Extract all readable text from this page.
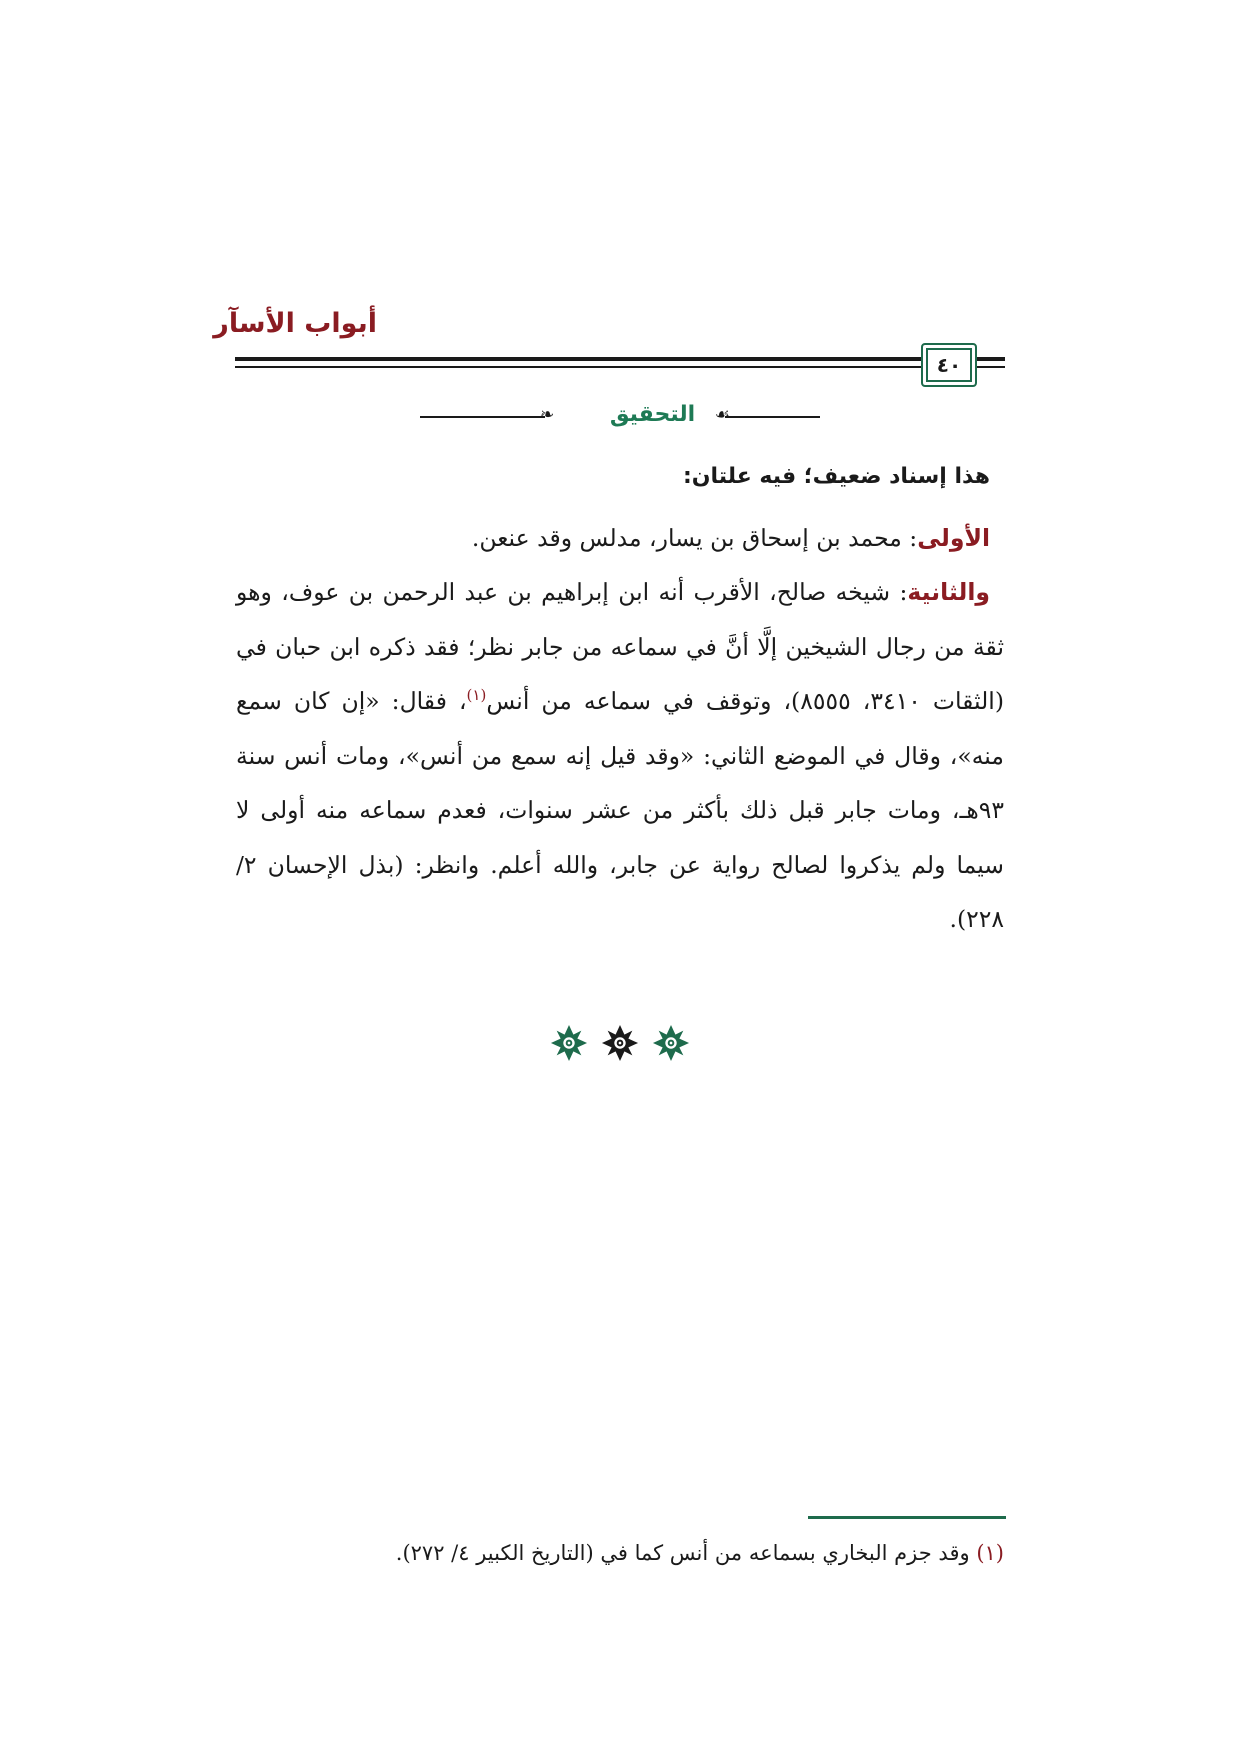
أبواب الأسآر
٤٠
❧	التحقيق	☙

هذا إسناد ضعيف؛ فيه علتان:

الأولى: محمد بن إسحاق بن يسار، مدلس وقد عنعن.

والثانية: شيخه صالح، الأقرب أنه ابن إبراهيم بن عبد الرحمن بن عوف، وهو ثقة من رجال الشيخين إلَّا أنَّ في سماعه من جابر نظر؛ فقد ذكره ابن حبان في (الثقات ٣٤١٠، ٨٥٥٥)، وتوقف في سماعه من أنس$^{(١)}$، فقال: «إن كان سمع منه»، وقال في الموضع الثاني: «وقد قيل إنه سمع من أنس»، ومات أنس سنة ٩٣هـ، ومات جابر قبل ذلك بأكثر من عشر سنوات، فعدم سماعه منه أولى لا سيما ولم يذكروا لصالح رواية عن جابر، والله أعلم. وانظر: (بذل الإحسان ٢/ ٢٢٨).

(١) وقد جزم البخاري بسماعه من أنس كما في (التاريخ الكبير ٤/ ٢٧٢).
